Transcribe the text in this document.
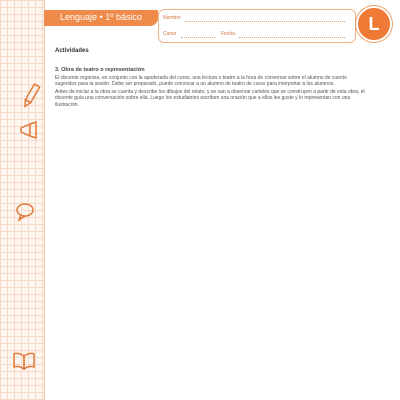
Lenguaje • 1º básico	Nombre
Curso	Fecha	L

Actividades

3. Obra de teatro o representación

El docente organiza, en conjunto con la apoderada del curso, una lectura o teatro a la hora de conversar sobre el alumno de cuento sugeridos para la sesión. Debe ser preparado, puede convocar a un alumno de teatro de curso para interpretar a los alumnos.

Antes de iniciar a la obra se cuenta y describe los dibujos del relato, y se van a observar carteles que se construyen a partir de esta obra, el docente guía una conversación sobre ella. Luego los estudiantes escriben una oración que a ellos les guste y lo representan con una ilustración.
